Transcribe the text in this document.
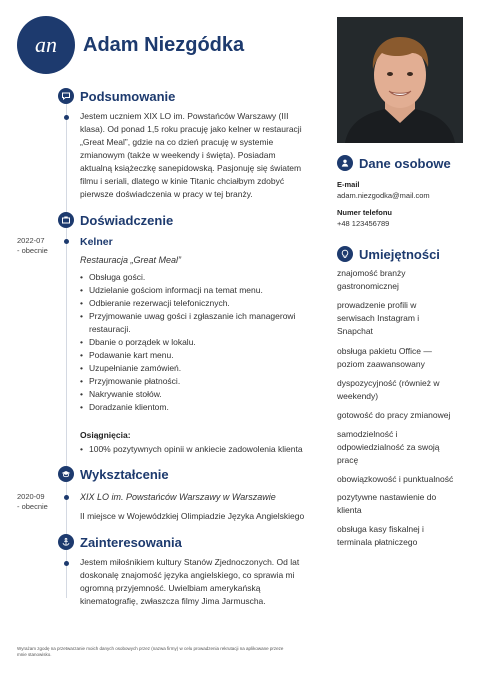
an Adam Niezgódka
Podsumowanie
Jestem uczniem XIX LO im. Powstańców Warszawy (III
klasa). Od ponad 1,5 roku pracuję jako kelner w restauracji
„Great Meal”, gdzie na co dzień pracuję w systemie
zmianowym (także w weekendy i święta). Posiadam
aktualną książeczkę sanepidowską. Pasjonuję się światem
filmu i seriali, dlatego w kinie Titanic chciałbym zdobyć
pierwsze doświadczenia w pracy w tej branży.
Doświadczenie
2022-07
- obecnie
Kelner
Restauracja „Great Meal”
• Obsługa gości.
• Udzielanie gościom informacji na temat menu.
• Odbieranie rezerwacji telefonicznych.
• Przyjmowanie uwag gości i zgłaszanie ich managerowi
restauracji.
• Dbanie o porządek w lokalu.
• Podawanie kart menu.
• Uzupełnianie zamówień.
• Przyjmowanie płatności.
• Nakrywanie stołów.
• Doradzanie klientom.
Osiągnięcia:
• 100% pozytywnych opinii w ankiecie zadowolenia klienta
Wykształcenie
2020-09
- obecnie
XIX LO im. Powstańców Warszawy w Warszawie
II miejsce w Wojewódzkiej Olimpiadzie Języka Angielskiego
Zainteresowania
Jestem miłośnikiem kultury Stanów Zjednoczonych. Od lat
doskonalę znajomość języka angielskiego, co sprawia mi
ogromną przyjemność. Uwielbiam amerykańską
kinematografię, zwłaszcza filmy Jima Jarmuscha.
Dane osobowe
E-mail
adam.niezgodka@mail.com
Numer telefonu
+48 123456789
Umiejętności
znajomość branży
gastronomicznej
prowadzenie profili w
serwisach Instagram i
Snapchat
obsługa pakietu Office —
poziom zaawansowany
dyspozycyjność (również w
weekendy)
gotowość do pracy zmianowej
samodzielność i
odpowiedzialność za swoją
pracę
obowiązkowość i punktualność
pozytywne nastawienie do
klienta
obsługa kasy fiskalnej i
terminala płatniczego
Wyrażam zgodę na przetwarzanie moich danych osobowych przez (nazwa firmy) w celu prowadzenia rekrutacji na aplikowane przeze
mnie stanowisko.
